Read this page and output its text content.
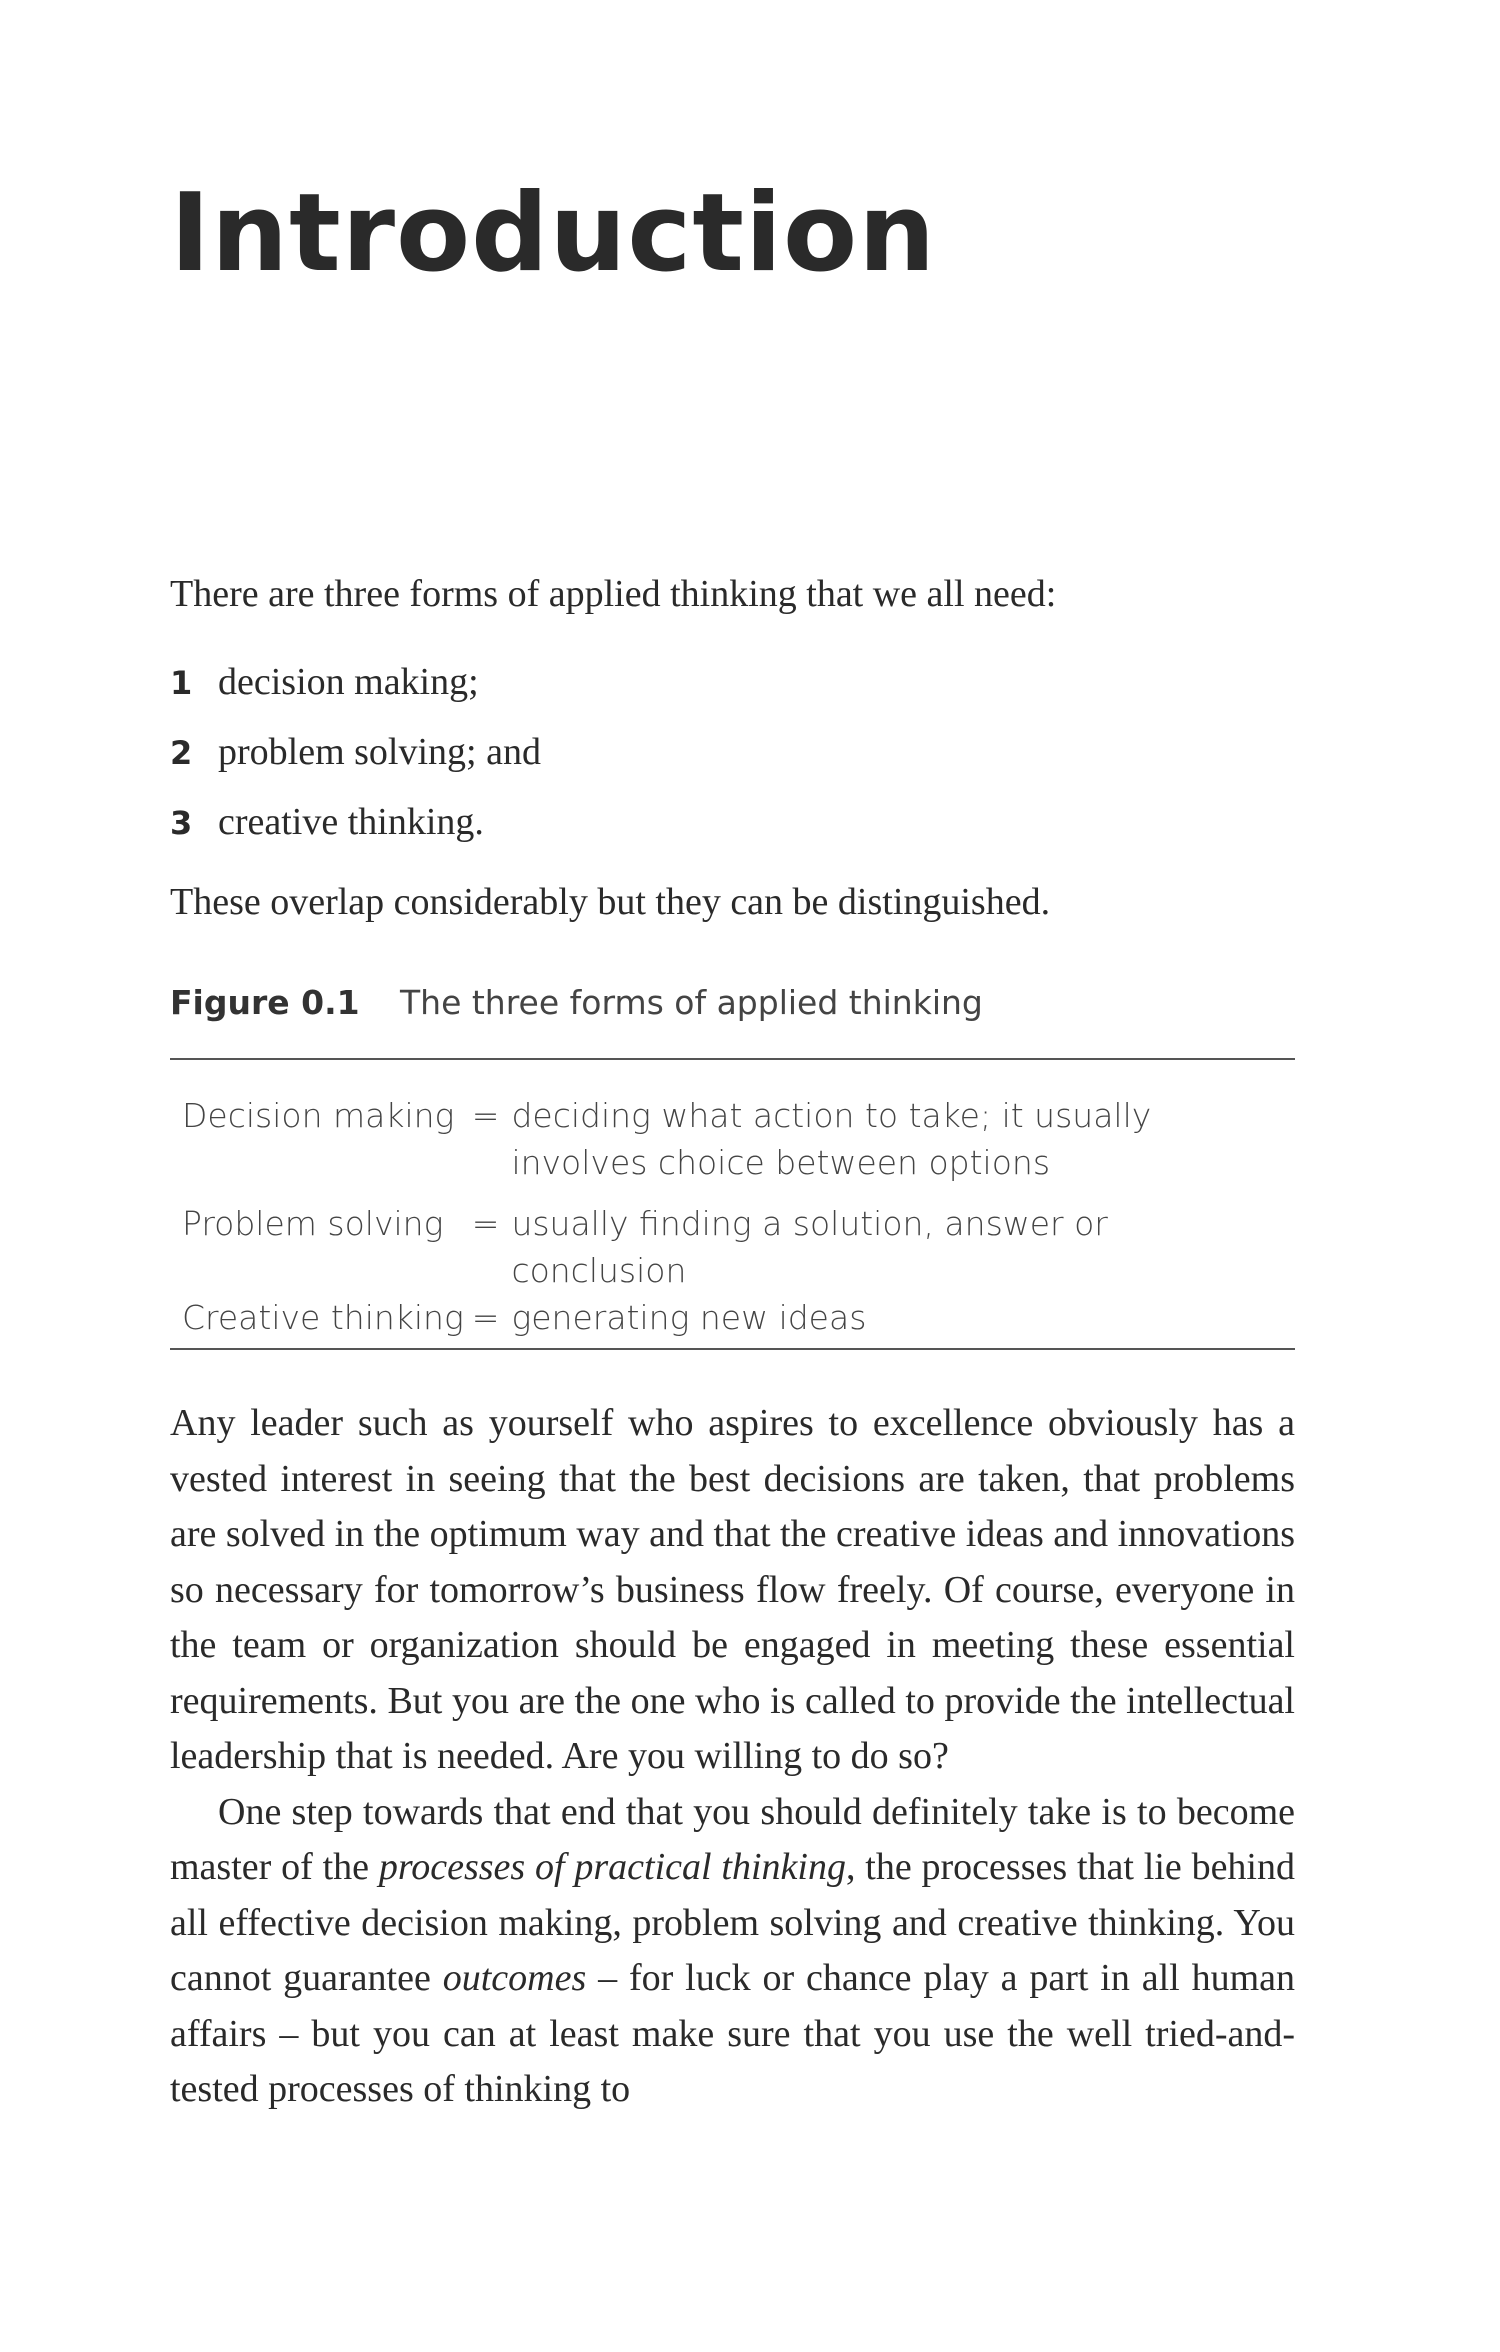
Introduction

There are three forms of applied thinking that we all need:

1 decision making;
2 problem solving; and
3 creative thinking.

These overlap considerably but they can be distinguished.

Figure 0.1 The three forms of applied thinking
Decision making	=	deciding what action to take; it usually involves choice between options
Problem solving	=	usually finding a solution, answer or conclusion
Creative thinking	=	generating new ideas

Any leader such as yourself who aspires to excellence obviously has a vested interest in seeing that the best decisions are taken, that problems are solved in the optimum way and that the creative ideas and innovations so necessary for tomorrow’s business flow freely. Of course, everyone in the team or organization should be engaged in meeting these essential requirements. But you are the one who is called to provide the intellectual leadership that is needed. Are you willing to do so?

One step towards that end that you should definitely take is to become master of the processes of practical thinking, the processes that lie behind all effective decision making, problem solving and creative thinking. You cannot guarantee outcomes – for luck or chance play a part in all human affairs – but you can at least make sure that you use the well tried-and-tested processes of thinking to
